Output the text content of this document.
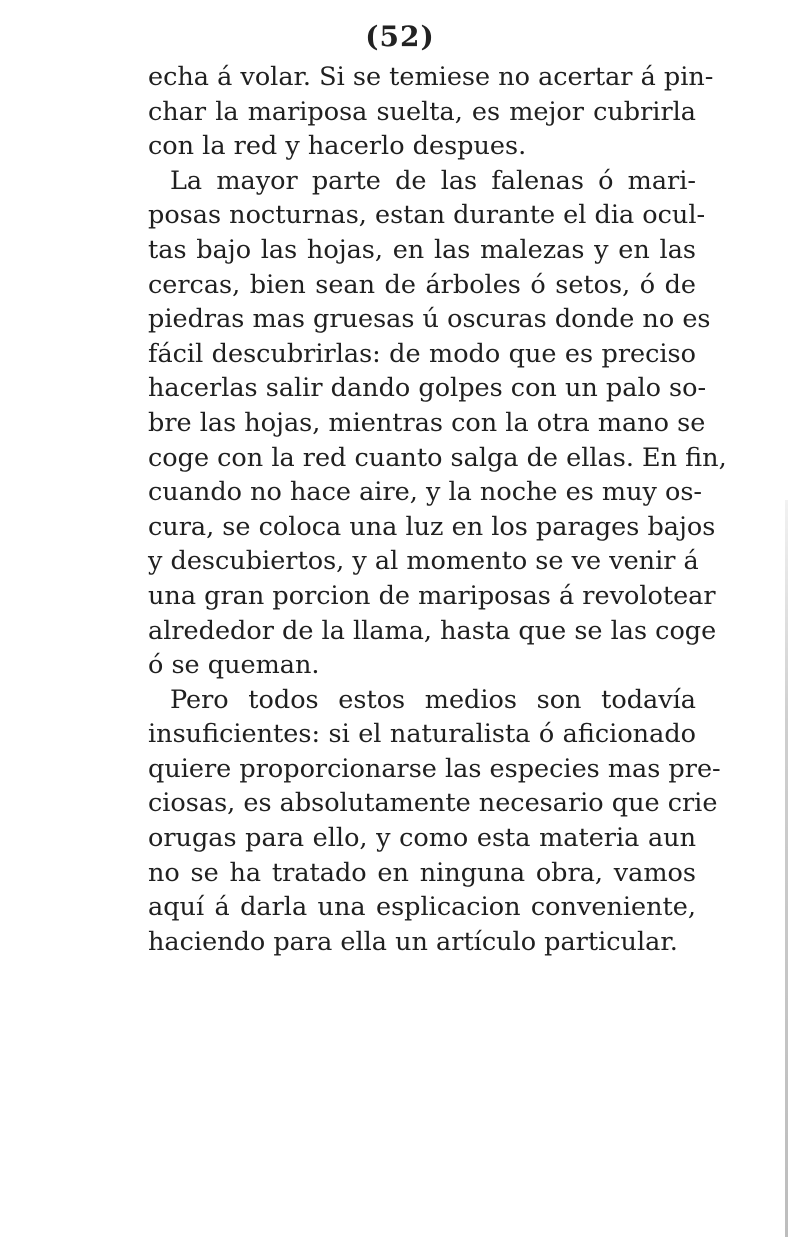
(52)
echa á volar. Si se temiese no acertar á pin-
char la mariposa suelta, es mejor cubrirla
con la red y hacerlo despues.
La mayor parte de las falenas ó mari-
posas nocturnas, estan durante el dia ocul-
tas bajo las hojas, en las malezas y en las
cercas, bien sean de árboles ó setos, ó de
piedras mas gruesas ú oscuras donde no es
fácil descubrirlas: de modo que es preciso
hacerlas salir dando golpes con un palo so-
bre las hojas, mientras con la otra mano se
coge con la red cuanto salga de ellas. En fin,
cuando no hace aire, y la noche es muy os-
cura, se coloca una luz en los parages bajos
y descubiertos, y al momento se ve venir á
una gran porcion de mariposas á revolotear
alrededor de la llama, hasta que se las coge
ó se queman.
Pero todos estos medios son todavía
insuficientes: si el naturalista ó aficionado
quiere proporcionarse las especies mas pre-
ciosas, es absolutamente necesario que crie
orugas para ello, y como esta materia aun
no se ha tratado en ninguna obra, vamos
aquí á darla una esplicacion conveniente,
haciendo para ella un artículo particular.
